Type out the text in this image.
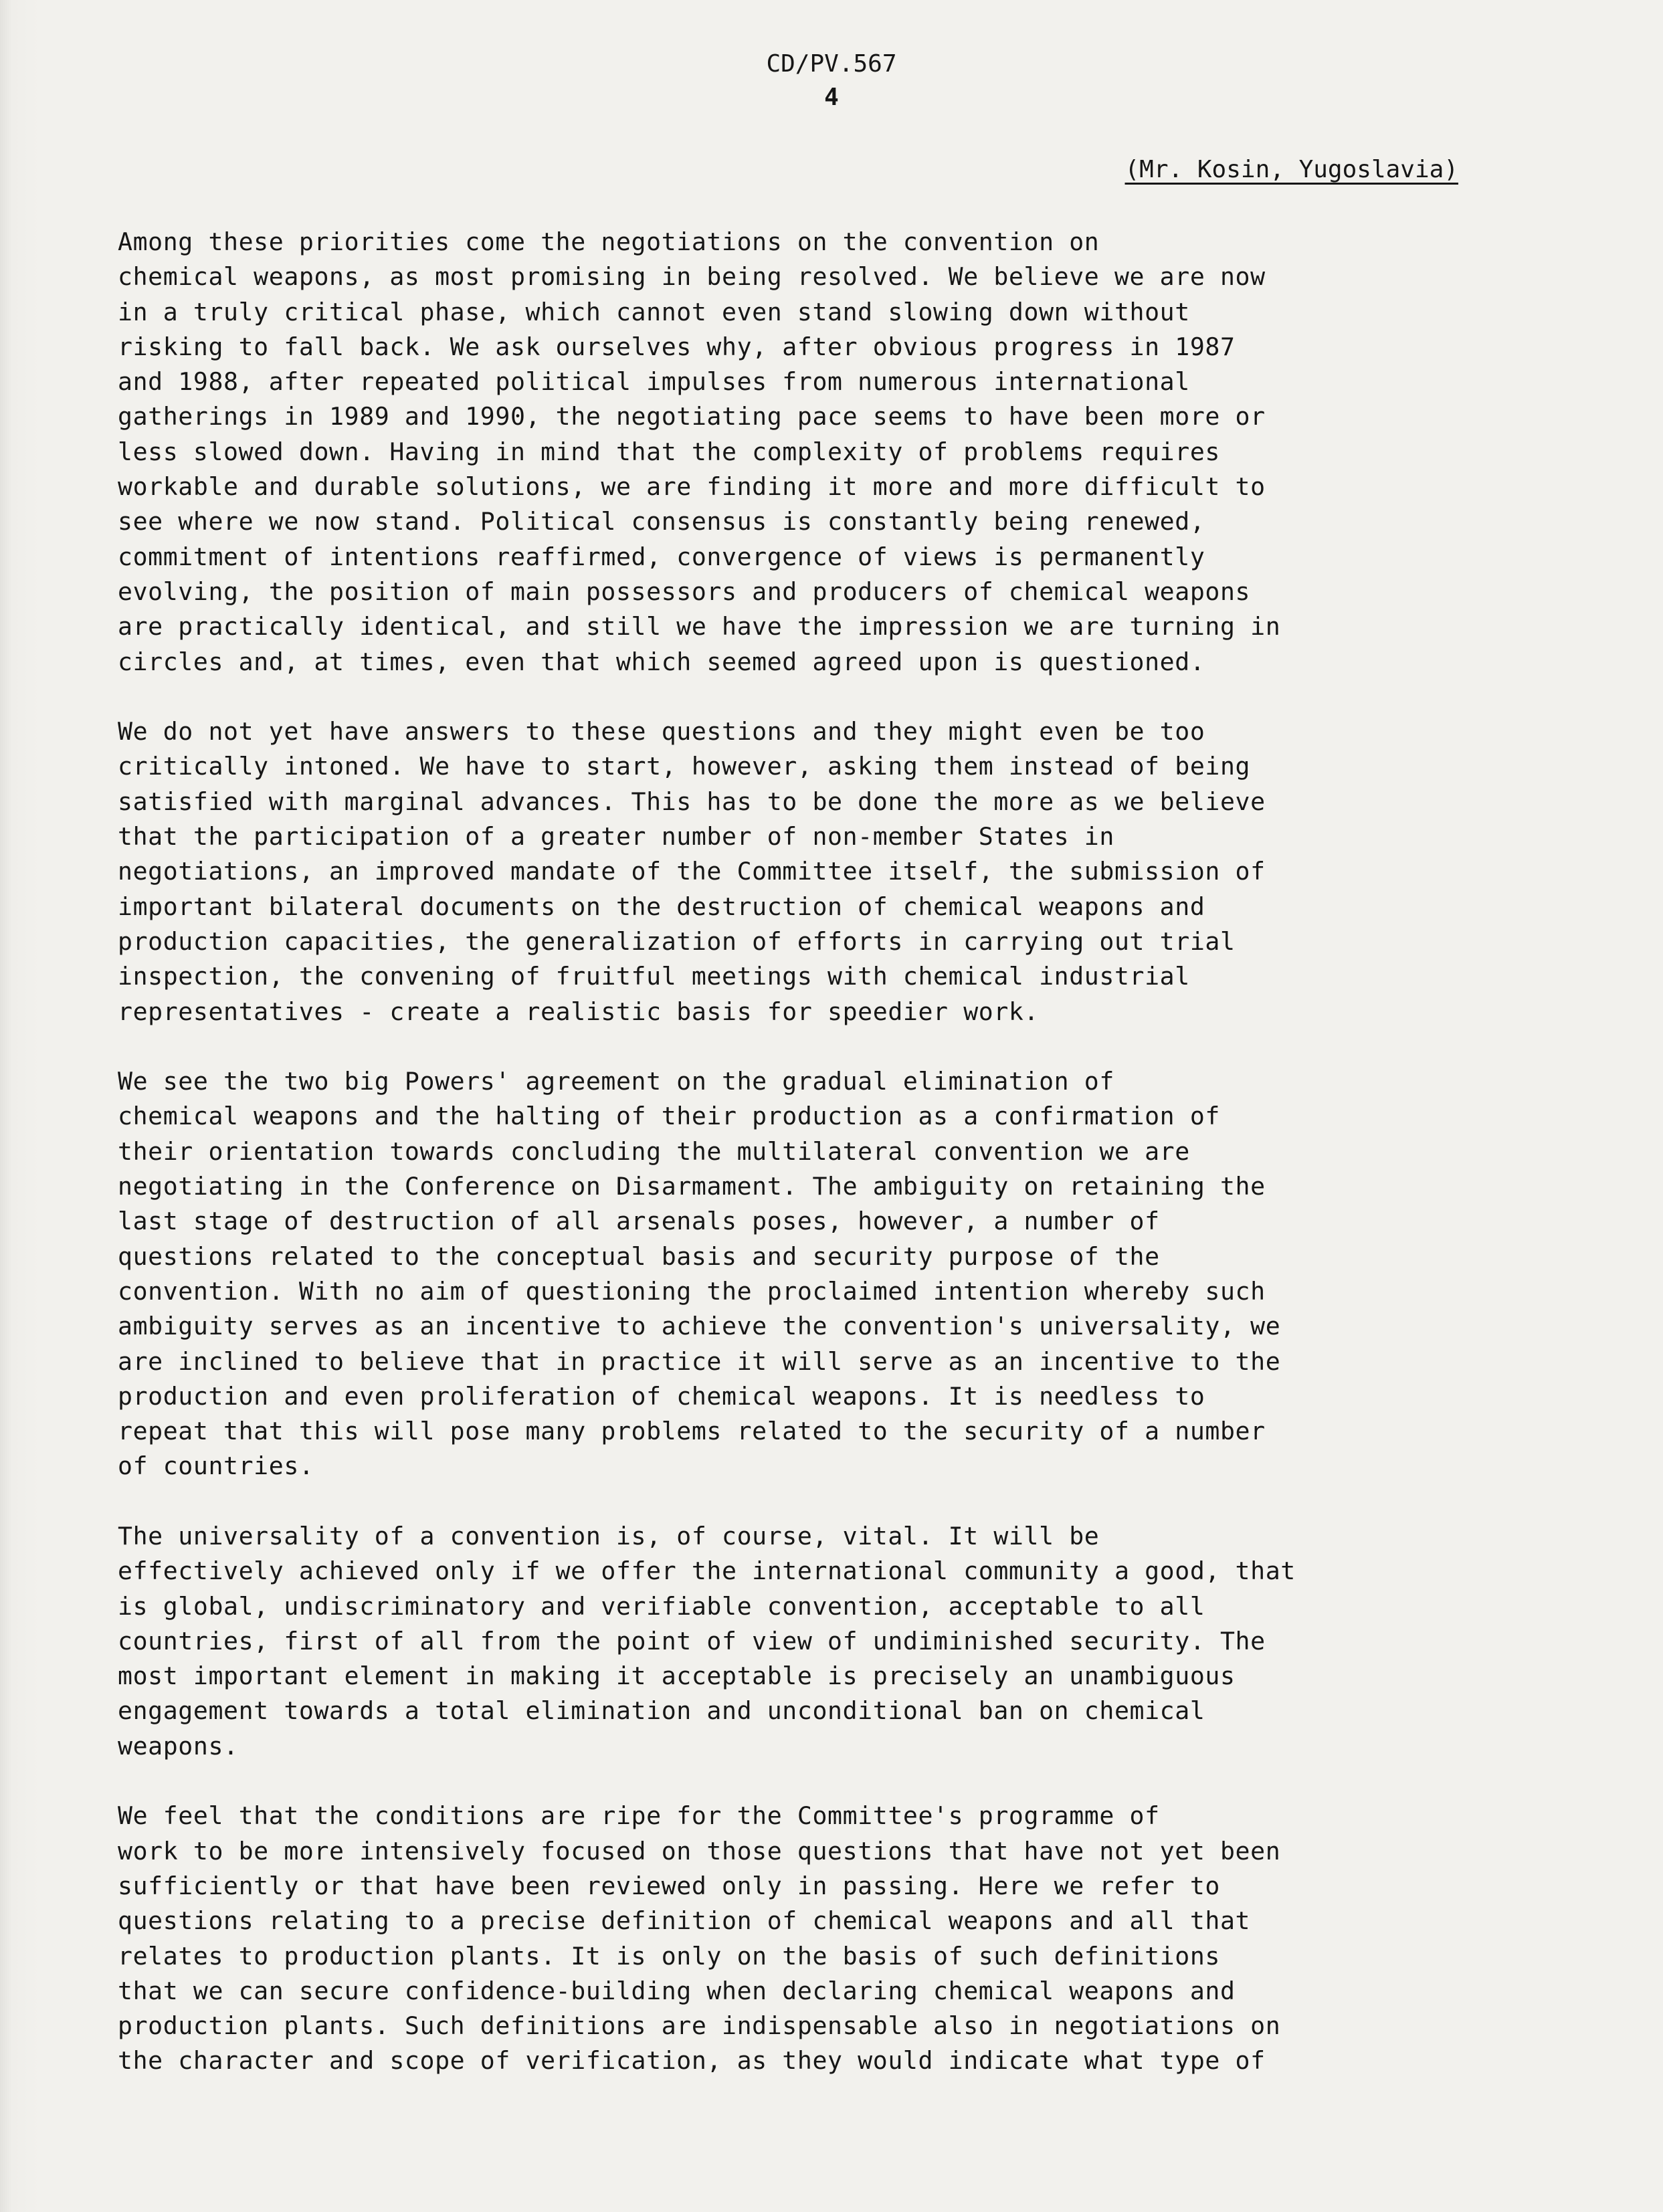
CD/PV.567
4
(Mr. Kosin, Yugoslavia)

Among these priorities come the negotiations on the convention on
chemical weapons, as most promising in being resolved. We believe we are now
in a truly critical phase, which cannot even stand slowing down without
risking to fall back. We ask ourselves why, after obvious progress in 1987
and 1988, after repeated political impulses from numerous international
gatherings in 1989 and 1990, the negotiating pace seems to have been more or
less slowed down. Having in mind that the complexity of problems requires
workable and durable solutions, we are finding it more and more difficult to
see where we now stand. Political consensus is constantly being renewed,
commitment of intentions reaffirmed, convergence of views is permanently
evolving, the position of main possessors and producers of chemical weapons
are practically identical, and still we have the impression we are turning in
circles and, at times, even that which seemed agreed upon is questioned.

We do not yet have answers to these questions and they might even be too
critically intoned. We have to start, however, asking them instead of being
satisfied with marginal advances. This has to be done the more as we believe
that the participation of a greater number of non-member States in
negotiations, an improved mandate of the Committee itself, the submission of
important bilateral documents on the destruction of chemical weapons and
production capacities, the generalization of efforts in carrying out trial
inspection, the convening of fruitful meetings with chemical industrial
representatives - create a realistic basis for speedier work.

We see the two big Powers' agreement on the gradual elimination of
chemical weapons and the halting of their production as a confirmation of
their orientation towards concluding the multilateral convention we are
negotiating in the Conference on Disarmament. The ambiguity on retaining the
last stage of destruction of all arsenals poses, however, a number of
questions related to the conceptual basis and security purpose of the
convention. With no aim of questioning the proclaimed intention whereby such
ambiguity serves as an incentive to achieve the convention's universality, we
are inclined to believe that in practice it will serve as an incentive to the
production and even proliferation of chemical weapons. It is needless to
repeat that this will pose many problems related to the security of a number
of countries.

The universality of a convention is, of course, vital. It will be
effectively achieved only if we offer the international community a good, that
is global, undiscriminatory and verifiable convention, acceptable to all
countries, first of all from the point of view of undiminished security. The
most important element in making it acceptable is precisely an unambiguous
engagement towards a total elimination and unconditional ban on chemical
weapons.

We feel that the conditions are ripe for the Committee's programme of
work to be more intensively focused on those questions that have not yet been
sufficiently or that have been reviewed only in passing. Here we refer to
questions relating to a precise definition of chemical weapons and all that
relates to production plants. It is only on the basis of such definitions
that we can secure confidence-building when declaring chemical weapons and
production plants. Such definitions are indispensable also in negotiations on
the character and scope of verification, as they would indicate what type of
